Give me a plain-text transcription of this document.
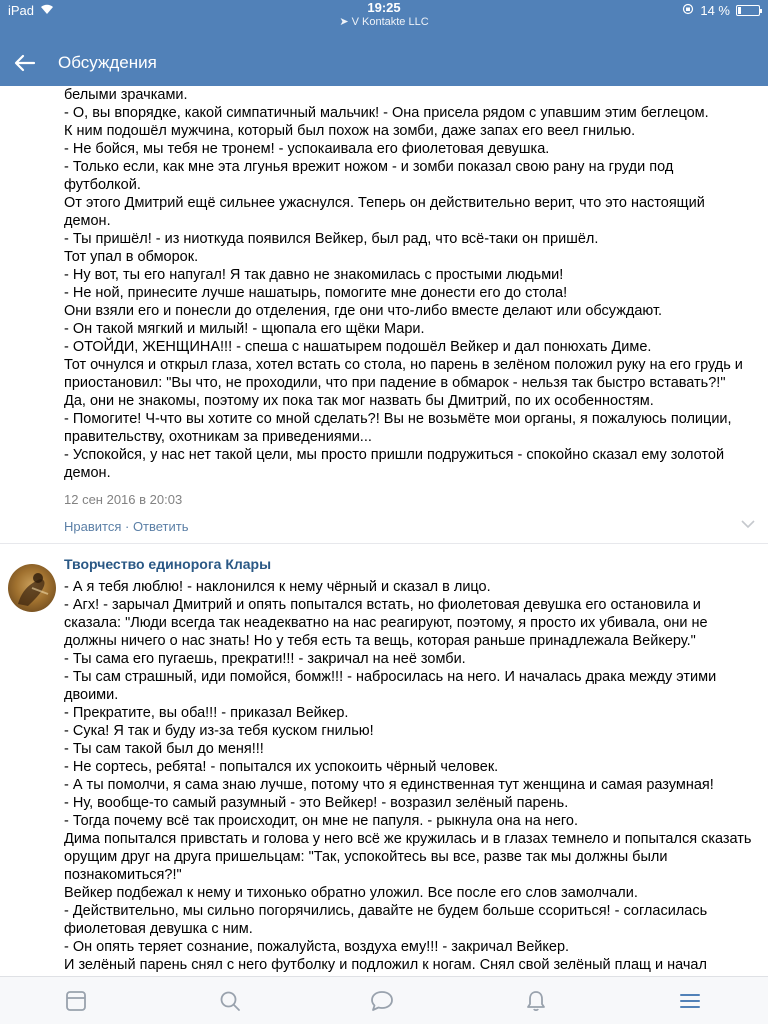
iPad	19:25
➤ V Kontakte LLC
14 %
Обсуждения
белыми зрачками.
- О, вы впорядке, какой симпатичный мальчик! - Она присела рядом с упавшим этим беглецом.
К ним подошёл мужчина, который был похож на зомби, даже запах его веел гнилью.
- Не бойся, мы тебя не тронем! - успокаивала его фиолетовая девушка.
- Только если, как мне эта лгунья врежит ножом - и зомби показал свою рану на груди под
футболкой.
От этого Дмитрий ещё сильнее ужаснулся. Теперь он действительно верит, что это настоящий
демон.
- Ты пришёл! - из ниоткуда появился Вейкер, был рад, что всё-таки он пришёл.
Тот упал в обморок.
- Ну вот, ты его напугал! Я так давно не знакомилась с простыми людьми!
- Не ной, принесите лучше нашатырь, помогите мне донести его до стола!
Они взяли его и понесли до отделения, где они что-либо вместе делают или обсуждают.
- Он такой мягкий и милый! - щюпала его щёки Мари.
- ОТОЙДИ, ЖЕНЩИНА!!! - спеша с нашатырем подошёл Вейкер и дал понюхать Диме.
Тот очнулся и открыл глаза, хотел встать со стола, но парень в зелёном положил руку на его грудь и
приостановил: "Вы что, не проходили, что при падение в обмарок - нельзя так быстро вставать?!"
Да, они не знакомы, поэтому их пока так мог назвать бы Дмитрий, по их особенностям.
- Помогите! Ч-что вы хотите со мной сделать?! Вы не возьмёте мои органы, я пожалуюсь полиции,
правительству, охотникам за приведениями...
- Успокойся, у нас нет такой цели, мы просто пришли подружиться - спокойно сказал ему золотой
демон.
12 сен 2016 в 20:03
Нравится · Ответить
Творчество единорога Клары
- А я тебя люблю! - наклонился к нему чёрный и сказал в лицо.
- Агх! - зарычал Дмитрий и опять попытался встать, но фиолетовая девушка его остановила и
сказала: "Люди всегда так неадекватно на нас реагируют, поэтому, я просто их убивала, они не
должны ничего о нас знать! Но у тебя есть та вещь, которая раньше принадлежала Вейкеру."
- Ты сама его пугаешь, прекрати!!! - закричал на неё зомби.
- Ты сам страшный, иди помойся, бомж!!! - набросилась на него. И началась драка между этими
двоими.
- Прекратите, вы оба!!! - приказал Вейкер.
- Сука! Я так и буду из-за тебя куском гнилью!
- Ты сам такой был до меня!!!
- Не сортесь, ребята! - попытался их успокоить чёрный человек.
- А ты помолчи, я сама знаю лучше, потому что я единственная тут женщина и самая разумная!
- Ну, вообще-то самый разумный - это Вейкер! - возразил зелёный парень.
- Тогда почему всё так происходит, он мне не папуля. - рыкнула она на него.
Дима попытался привстать и голова у него всё же кружилась и в глазах темнело и попытался сказать
орущим друг на друга пришельцам: "Так, успокойтесь вы все, разве так мы должны были
познакомиться?!"
Вейкер подбежал к нему и тихонько обратно уложил. Все после его слов замолчали.
- Действительно, мы сильно погорячились, давайте не будем больше ссориться! - согласилась
фиолетовая девушка с ним.
- Он опять теряет сознание, пожалуйста, воздуха ему!!! - закричал Вейкер.
И зелёный парень снял с него футболку и подложил к ногам. Снял свой зелёный плащ и начал
